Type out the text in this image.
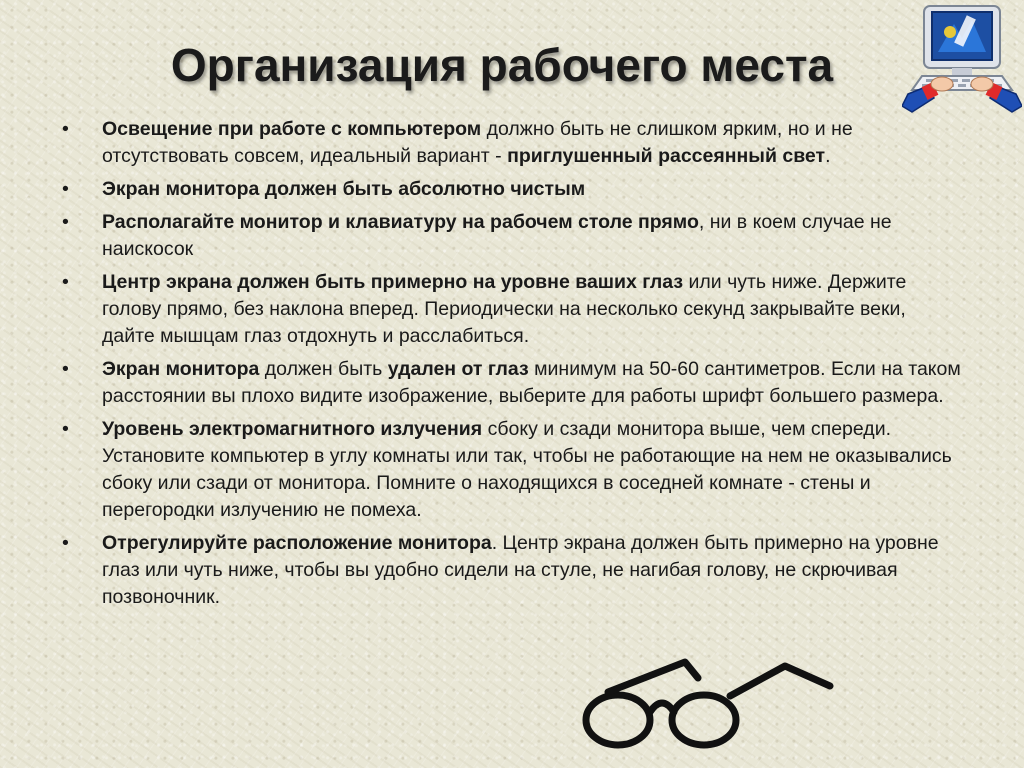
Организация рабочего места
• Освещение при работе с компьютером должно быть не слишком ярким, но и не отсутствовать совсем, идеальный вариант - приглушенный рассеянный свет.
• Экран монитора должен быть абсолютно чистым
• Располагайте монитор и клавиатуру на рабочем столе прямо, ни в коем случае не наискосок
• Центр экрана должен быть примерно на уровне ваших глаз или чуть ниже. Держите голову прямо, без наклона вперед. Периодически на несколько секунд закрывайте веки, дайте мышцам глаз отдохнуть и расслабиться.
• Экран монитора должен быть удален от глаз минимум на 50-60 сантиметров. Если на таком расстоянии вы плохо видите изображение, выберите для работы шрифт большего размера.
• Уровень электромагнитного излучения сбоку и сзади монитора выше, чем спереди. Установите компьютер в углу комнаты или так, чтобы не работающие на нем не оказывались сбоку или сзади от монитора. Помните о находящихся в соседней комнате - стены и перегородки излучению не помеха.
• Отрегулируйте расположение монитора. Центр экрана должен быть примерно на уровне глаз или чуть ниже, чтобы вы удобно сидели на стуле, не нагибая голову, не скрючивая позвоночник.
